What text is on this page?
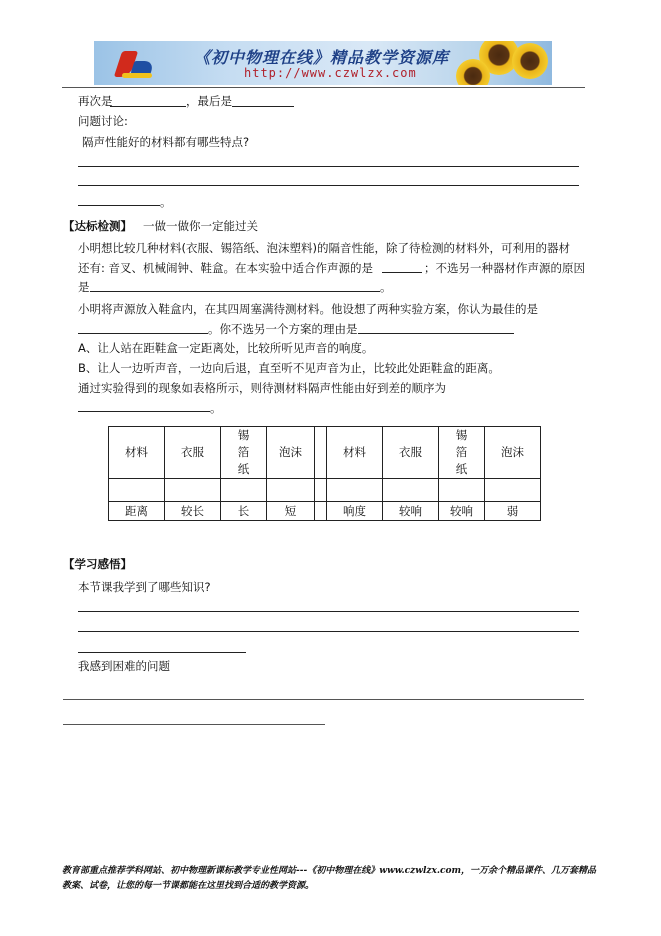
《初中物理在线》精品教学资源库
http://www.czwlzx.com
再次是	，最后是
问题讨论:
隔声性能好的材料都有哪些特点?
。
【达标检测】 一做一做你一定能过关
小明想比较几种材料(衣服、锡箔纸、泡沫塑料)的隔音性能，除了待检测的材料外，可利用的器材
还有: 音叉、机械闹钟、鞋盒。在本实验中适合作声源的是	；不选另一种器材作声源的原因
是	。
小明将声源放入鞋盒内，在其四周塞满待测材料。他设想了两种实验方案，你认为最佳的是
。你不选另一个方案的理由是
A、让人站在距鞋盒一定距离处，比较所听见声音的响度。
B、让人一边听声音，一边向后退，直至听不见声音为止，比较此处距鞋盒的距离。
通过实验得到的现象如表格所示，则待测材料隔声性能由好到差的顺序为
。
材料	衣服	锡箔纸	泡沫		材料	衣服	锡箔纸	泡沫

距离	较长	长	短		响度	较响	较响	弱
【学习感悟】
本节课我学到了哪些知识?
我感到困难的问题
教育部重点推荐学科网站、初中物理新课标教学专业性网站---《初中物理在线》www.czwlzx.com，一万余个精品课件、几万套精品教案、试卷，让您的每一节课都能在这里找到合适的教学资源。
